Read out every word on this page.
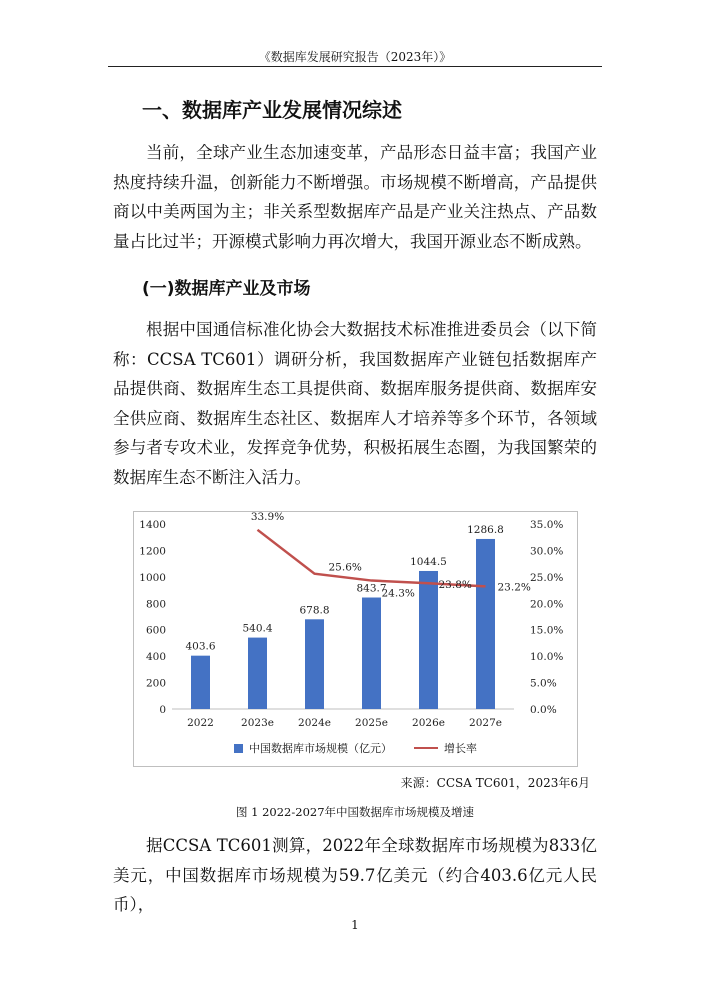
《数据库发展研究报告（2023年）》
一、数据库产业发展情况综述

当前，全球产业生态加速变革，产品形态日益丰富；我国产业热度持续升温，创新能力不断增强。市场规模不断增高，产品提供商以中美两国为主；非关系型数据库产品是产业关注热点、产品数量占比过半；开源模式影响力再次增大，我国开源业态不断成熟。

(一)数据库产业及市场

根据中国通信标准化协会大数据技术标准推进委员会（以下简称：CCSA TC601）调研分析，我国数据库产业链包括数据库产品提供商、数据库生态工具提供商、数据库服务提供商、数据库安全供应商、数据库生态社区、数据库人才培养等多个环节，各领域参与者专攻术业，发挥竞争优势，积极拓展生态圈，为我国繁荣的数据库生态不断注入活力。

0
200
400
600
800
1000
1200
1400
0.0%
5.0%
10.0%
15.0%
20.0%
25.0%
30.0%
35.0%
403.6
540.4
678.8
843.7
1044.5
1286.8
2022	2023e 2024e 2025e 2026e 2027e
33.9%
25.6%
24.3%
23.8% 23.2%
中国数据库市场规模（亿元）	增长率
来源：CCSA TC601，2023年6月
图 1 2022-2027年中国数据库市场规模及增速

据CCSA TC601测算，2022年全球数据库市场规模为833亿美元，中国数据库市场规模为59.7亿美元（约合403.6亿元人民币），

1
